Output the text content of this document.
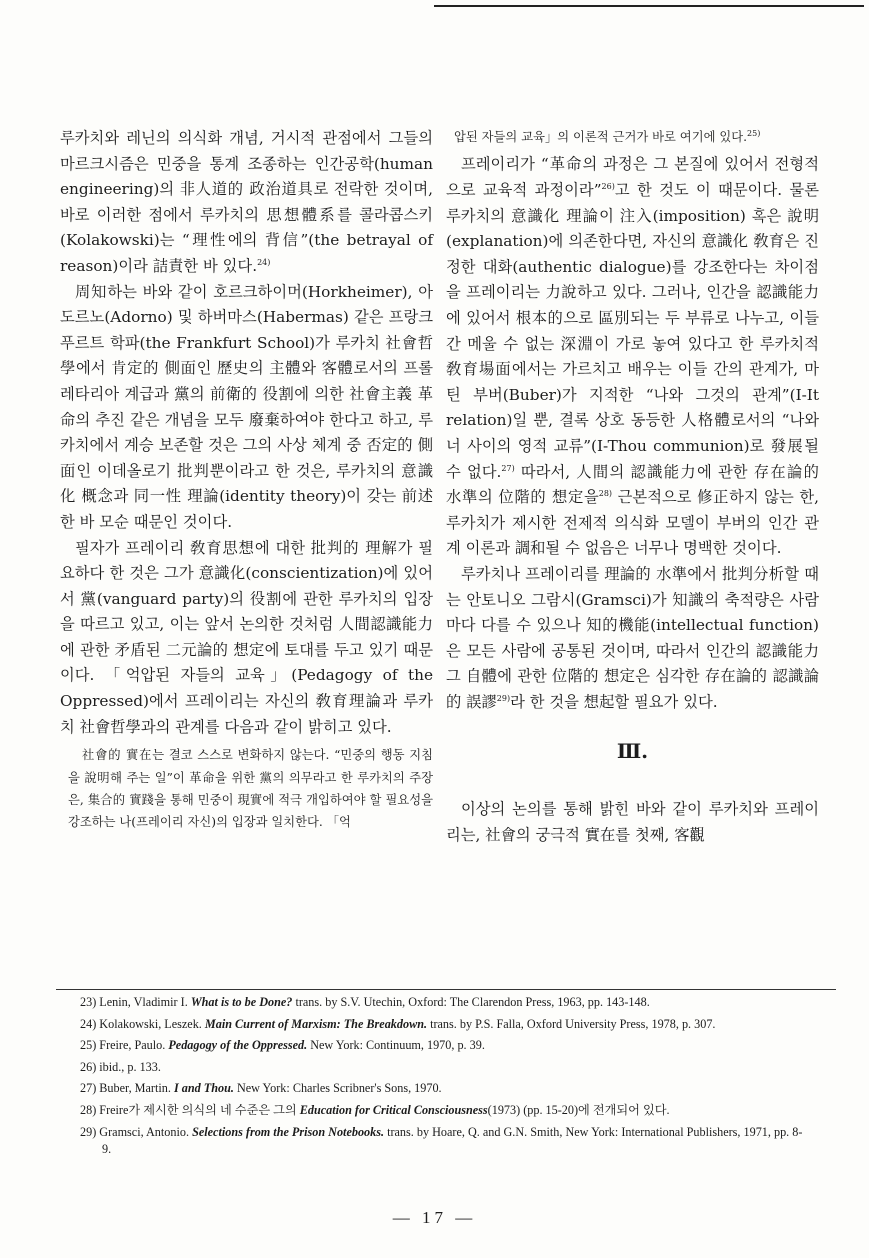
루카치와 레닌의 의식화 개념, 거시적 관점에서 그들의 마르크시즘은 민중을 통계 조종하는 인간공학(human engineering)의 非人道的 政治道具로 전락한 것이며, 바로 이러한 점에서 루카치의 思想體系를 콜라콥스키(Kolakowski)는 “理性에의 背信”(the betrayal of reason)이라 詰責한 바 있다.$^{24)}$

周知하는 바와 같이 호르크하이머(Horkheimer), 아도르노(Adorno) 및 하버마스(Habermas) 같은 프랑크푸르트 학파(the Frankfurt School)가 루카치 社會哲學에서 肯定的 側面인 歷史의 主體와 客體로서의 프롤레타리아 계급과 黨의 前衛的 役割에 의한 社會主義 革命의 추진 같은 개념을 모두 廢棄하여야 한다고 하고, 루카치에서 계승 보존할 것은 그의 사상 체계 중 否定的 側面인 이데올로기 批判뿐이라고 한 것은, 루카치의 意識化 概念과 同一性 理論(identity theory)이 갖는 前述한 바 모순 때문인 것이다.

필자가 프레이리 敎育思想에 대한 批判的 理解가 필요하다 한 것은 그가 意識化(conscientization)에 있어서 黨(vanguard party)의 役割에 관한 루카치의 입장을 따르고 있고, 이는 앞서 논의한 것처럼 人間認識能力에 관한 矛盾된 二元論的 想定에 토대를 두고 있기 때문이다. 「억압된 자들의 교육」(Pedagogy of the Oppressed)에서 프레이리는 자신의 敎育理論과 루카치 社會哲學과의 관계를 다음과 같이 밝히고 있다.

社會的 實在는 결코 스스로 변화하지 않는다. “민중의 행동 지침을 說明해 주는 일”이 革命을 위한 黨의 의무라고 한 루카치의 주장은, 集合的 實踐을 통해 민중이 現實에 적극 개입하여야 할 필요성을 강조하는 나(프레이리 자신)의 입장과 일치한다. 「억

압된 자들의 교육」의 이론적 근거가 바로 여기에 있다.$^{25)}$

프레이리가 “革命의 과정은 그 본질에 있어서 전형적으로 교육적 과정이라”$^{26)}$고 한 것도 이 때문이다. 물론 루카치의 意識化 理論이 注入(imposition) 혹은 說明(explanation)에 의존한다면, 자신의 意識化 敎育은 진정한 대화(authentic dialogue)를 강조한다는 차이점을 프레이리는 力說하고 있다. 그러나, 인간을 認識能力에 있어서 根本的으로 區別되는 두 부류로 나누고, 이들간 메울 수 없는 深淵이 가로 놓여 있다고 한 루카치적 敎育場面에서는 가르치고 배우는 이들 간의 관계가, 마틴 부버(Buber)가 지적한 “나와 그것의 관계”(I-It relation)일 뿐, 결록 상호 동등한 人格體로서의 “나와 너 사이의 영적 교류”(I-Thou communion)로 發展될 수 없다.$^{27)}$ 따라서, 人間의 認識能力에 관한 存在論的 水準의 位階的 想定을$^{28)}$ 근본적으로 修正하지 않는 한, 루카치가 제시한 전제적 의식화 모델이 부버의 인간 관계 이론과 調和될 수 없음은 너무나 명백한 것이다.

루카치나 프레이리를 理論的 水準에서 批判分析할 때는 안토니오 그람시(Gramsci)가 知識의 축적량은 사람마다 다를 수 있으나 知的機能(intellectual function)은 모든 사람에 공통된 것이며, 따라서 인간의 認識能力 그 自體에 관한 位階的 想定은 심각한 存在論的 認識論的 誤謬$^{29)}$라 한 것을 想起할 필요가 있다.

Ⅲ.

이상의 논의를 통해 밝힌 바와 같이 루카치와 프레이리는, 社會의 궁극적 實在를 첫째, 客觀

23) Lenin, Vladimir I. What is to be Done? trans. by S.V. Utechin, Oxford: The Clarendon Press, 1963, pp. 143-148.

24) Kolakowski, Leszek. Main Current of Marxism: The Breakdown. trans. by P.S. Falla, Oxford University Press, 1978, p. 307.

25) Freire, Paulo. Pedagogy of the Oppressed. New York: Continuum, 1970, p. 39.

26) ibid., p. 133.

27) Buber, Martin. I and Thou. New York: Charles Scribner's Sons, 1970.

28) Freire가 제시한 의식의 네 수준은 그의 Education for Critical Consciousness(1973) (pp. 15-20)에 전개되어 있다.

29) Gramsci, Antonio. Selections from the Prison Notebooks. trans. by Hoare, Q. and G.N. Smith, New York: International Publishers, 1971, pp. 8-9.

— 17 —
